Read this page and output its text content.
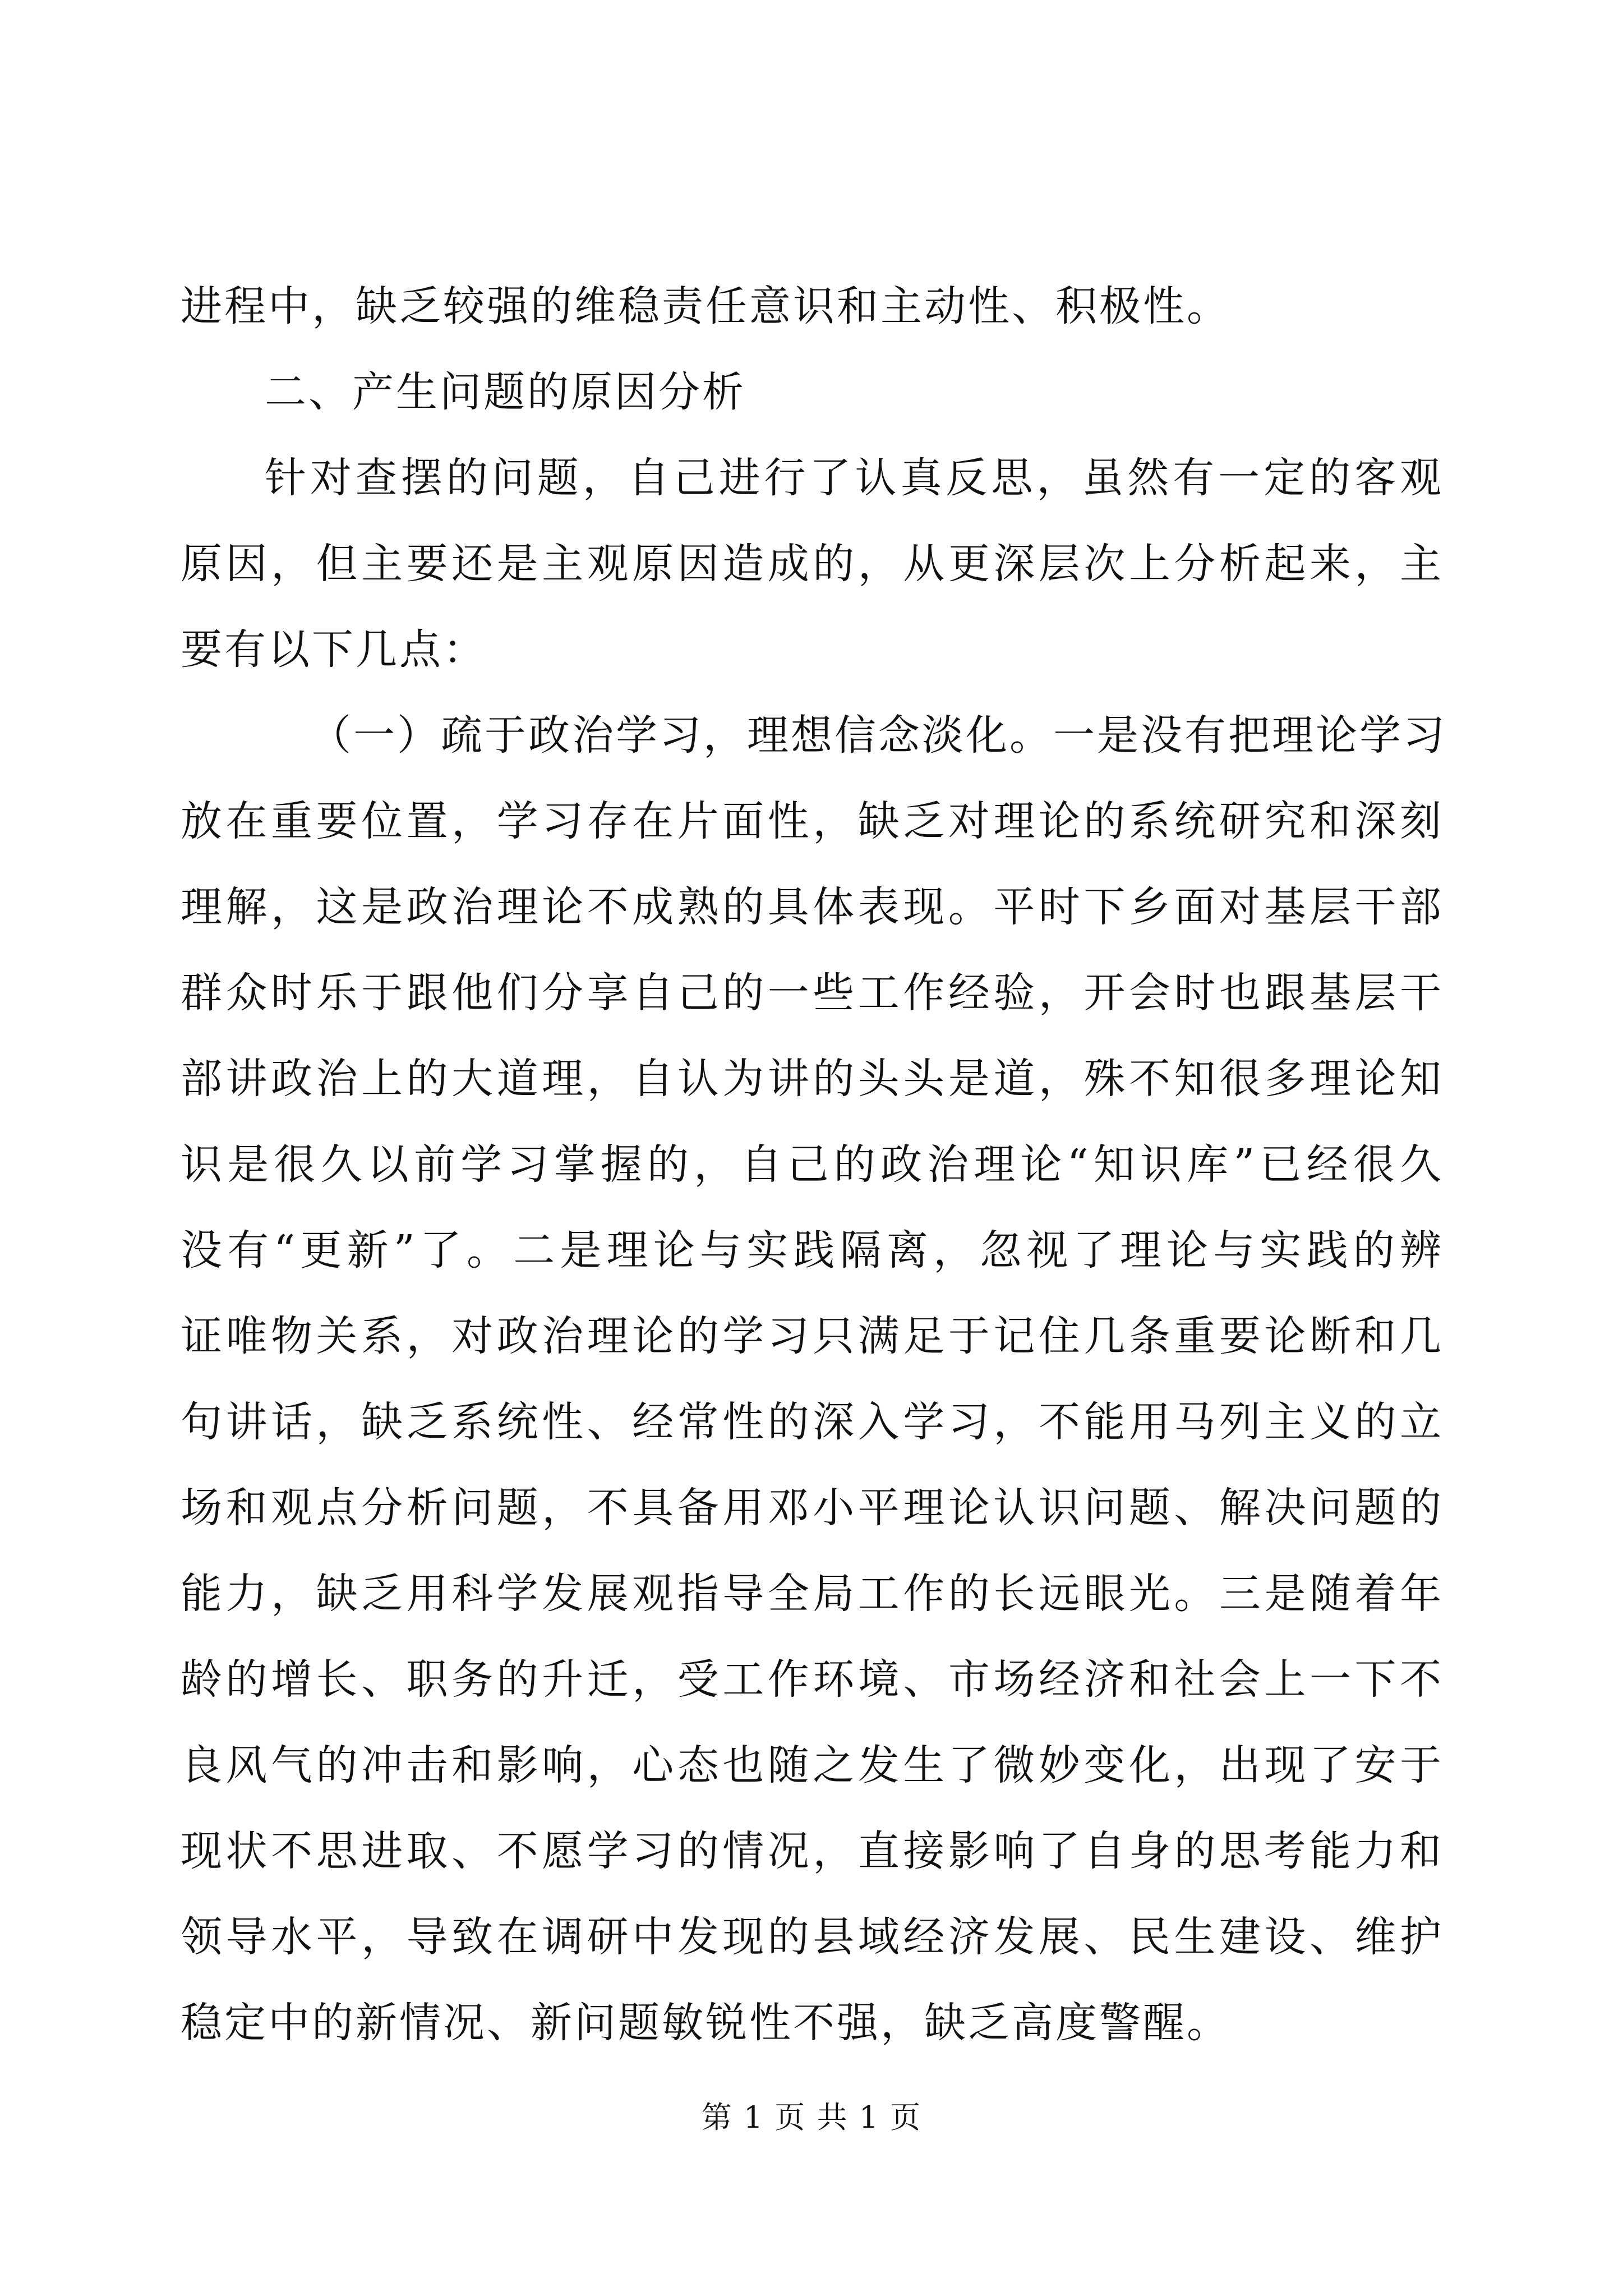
进程中，缺乏较强的维稳责任意识和主动性、积极性。
二、产生问题的原因分析
针对查摆的问题，自己进行了认真反思，虽然有一定的客观
原因，但主要还是主观原因造成的，从更深层次上分析起来，主
要有以下几点：
（一）疏于政治学习，理想信念淡化。一是没有把理论学习
放在重要位置，学习存在片面性，缺乏对理论的系统研究和深刻
理解，这是政治理论不成熟的具体表现。平时下乡面对基层干部
群众时乐于跟他们分享自己的一些工作经验，开会时也跟基层干
部讲政治上的大道理，自认为讲的头头是道，殊不知很多理论知
识是很久以前学习掌握的，自己的政治理论“知识库”已经很久
没有“更新”了。二是理论与实践隔离，忽视了理论与实践的辨
证唯物关系，对政治理论的学习只满足于记住几条重要论断和几
句讲话，缺乏系统性、经常性的深入学习，不能用马列主义的立
场和观点分析问题，不具备用邓小平理论认识问题、解决问题的
能力，缺乏用科学发展观指导全局工作的长远眼光。三是随着年
龄的增长、职务的升迁，受工作环境、市场经济和社会上一下不
良风气的冲击和影响，心态也随之发生了微妙变化，出现了安于
现状不思进取、不愿学习的情况，直接影响了自身的思考能力和
领导水平，导致在调研中发现的县域经济发展、民生建设、维护
稳定中的新情况、新问题敏锐性不强，缺乏高度警醒。
第 1 页 共 1 页
